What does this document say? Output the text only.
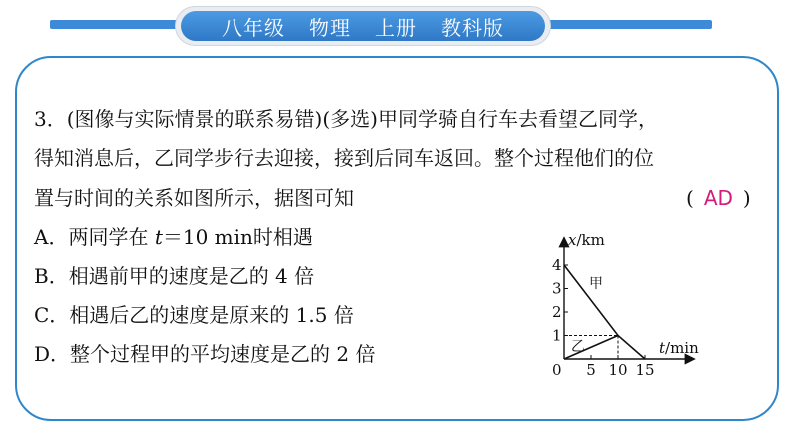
八年级 物理 上册 教科版
3．(图像与实际情景的联系易错)(多选)甲同学骑自行车去看望乙同学，
得知消息后，乙同学步行去迎接，接到后同车返回。整个过程他们的位
置与时间的关系如图所示，据图可知	( AD )
A．两同学在 t＝10 min时相遇
B．相遇前甲的速度是乙的 4 倍
C．相遇后乙的速度是原来的 1.5 倍
D．整个过程甲的平均速度是乙的 2 倍
1
2
3
4
5 10 15
x/km
t/min
0
甲
乙
